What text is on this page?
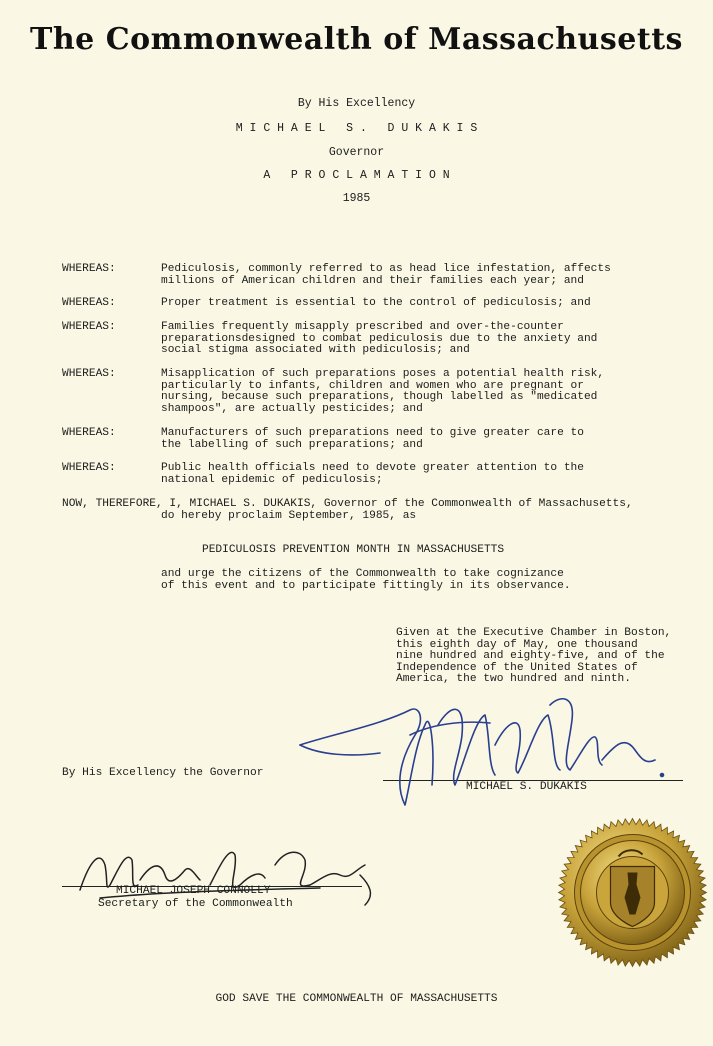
The Commonwealth of Massachusetts
By His Excellency
M I C H A E L   S .   D U K A K I S
Governor
A   P R O C L A M A T I O N
1985
WHEREAS:	Pediculosis, commonly referred to as head lice infestation, affects
millions of American children and their families each year; and
WHEREAS:	Proper treatment is essential to the control of pediculosis; and
WHEREAS:	Families frequently misapply prescribed and over-the-counter
preparationsdesigned to combat pediculosis due to the anxiety and
social stigma associated with pediculosis; and
WHEREAS:	Misapplication of such preparations poses a potential health risk,
particularly to infants, children and women who are pregnant or
nursing, because such preparations, though labelled as "medicated
shampoos", are actually pesticides; and
WHEREAS:	Manufacturers of such preparations need to give greater care to
the labelling of such preparations; and
WHEREAS:	Public health officials need to devote greater attention to the
national epidemic of pediculosis;
NOW, THEREFORE, I, MICHAEL S. DUKAKIS, Governor of the Commonwealth of Massachusetts,
do hereby proclaim September, 1985, as
PEDICULOSIS PREVENTION MONTH IN MASSACHUSETTS
and urge the citizens of the Commonwealth to take cognizance
of this event and to participate fittingly in its observance.
Given at the Executive Chamber in Boston,
this eighth day of May, one thousand
nine hundred and eighty-five, and of the
Independence of the United States of
America, the two hundred and ninth.
By His Excellency the Governor
MICHAEL S. DUKAKIS
MICHAEL JOSEPH CONNOLLY
Secretary of the Commonwealth
GOD SAVE THE COMMONWEALTH OF MASSACHUSETTS
